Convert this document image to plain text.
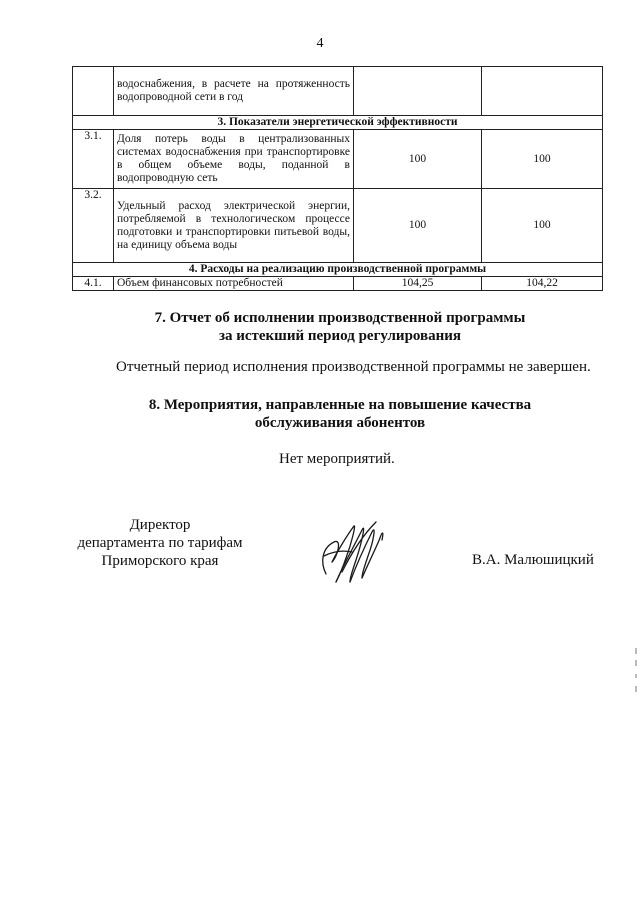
4
	водоснабжения, в расчете на протяженность водопроводной сети в год		
3. Показатели энергетической эффективности			
3.1.	Доля потерь воды в централизованных системах водоснабжения при транспортировке в общем объеме воды, поданной в водопроводную сеть	100	100
3.2.	Удельный расход электрической энергии, потребляемой в технологическом процессе подготовки и транспортировки питьевой воды, на единицу объема воды	100	100
4. Расходы на реализацию производственной программы			
4.1.	Объем финансовых потребностей	104,25	104,22
7. Отчет об исполнении производственной программы
за истекший период регулирования
Отчетный период исполнения производственной программы не завершен.
8. Мероприятия, направленные на повышение качества
обслуживания абонентов
Нет мероприятий.
Директор
департамента по тарифам
Приморского края	В.А. Малюшицкий
